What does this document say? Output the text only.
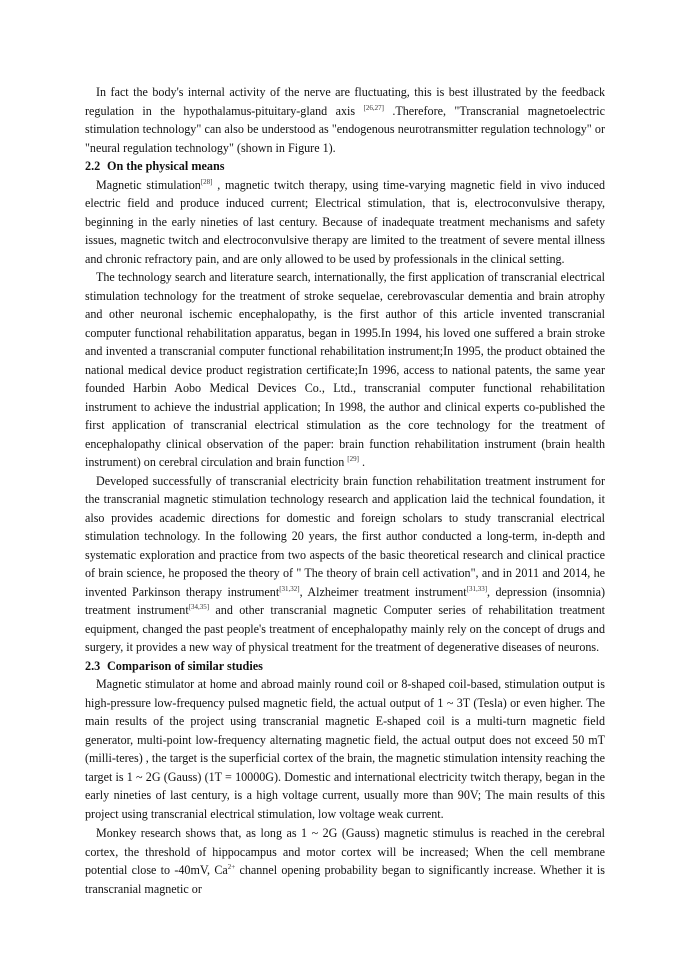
In fact the body's internal activity of the nerve are fluctuating, this is best illustrated by the feedback regulation in the hypothalamus-pituitary-gland axis [26,27] .Therefore, "Transcranial magnetoelectric stimulation technology" can also be understood as "endogenous neurotransmitter regulation technology" or "neural regulation technology" (shown in Figure 1).

2.2 On the physical means

Magnetic stimulation[28] , magnetic twitch therapy, using time-varying magnetic field in vivo induced electric field and produce induced current; Electrical stimulation, that is, electroconvulsive therapy, beginning in the early nineties of last century. Because of inadequate treatment mechanisms and safety issues, magnetic twitch and electroconvulsive therapy are limited to the treatment of severe mental illness and chronic refractory pain, and are only allowed to be used by professionals in the clinical setting.

The technology search and literature search, internationally, the first application of transcranial electrical stimulation technology for the treatment of stroke sequelae, cerebrovascular dementia and brain atrophy and other neuronal ischemic encephalopathy, is the first author of this article invented transcranial computer functional rehabilitation apparatus, began in 1995.In 1994, his loved one suffered a brain stroke and invented a transcranial computer functional rehabilitation instrument;In 1995, the product obtained the national medical device product registration certificate;In 1996, access to national patents, the same year founded Harbin Aobo Medical Devices Co., Ltd., transcranial computer functional rehabilitation instrument to achieve the industrial application; In 1998, the author and clinical experts co-published the first application of transcranial electrical stimulation as the core technology for the treatment of encephalopathy clinical observation of the paper: brain function rehabilitation instrument (brain health instrument) on cerebral circulation and brain function [29] .

Developed successfully of transcranial electricity brain function rehabilitation treatment instrument for the transcranial magnetic stimulation technology research and application laid the technical foundation, it also provides academic directions for domestic and foreign scholars to study transcranial electrical stimulation technology. In the following 20 years, the first author conducted a long-term, in-depth and systematic exploration and practice from two aspects of the basic theoretical research and clinical practice of brain science, he proposed the theory of " The theory of brain cell activation", and in 2011 and 2014, he invented Parkinson therapy instrument[31,32], Alzheimer treatment instrument[31,33], depression (insomnia) treatment instrument[34,35] and other transcranial magnetic Computer series of rehabilitation treatment equipment, changed the past people's treatment of encephalopathy mainly rely on the concept of drugs and surgery, it provides a new way of physical treatment for the treatment of degenerative diseases of neurons.

2.3 Comparison of similar studies

Magnetic stimulator at home and abroad mainly round coil or 8-shaped coil-based, stimulation output is high-pressure low-frequency pulsed magnetic field, the actual output of 1 ~ 3T (Tesla) or even higher. The main results of the project using transcranial magnetic E-shaped coil is a multi-turn magnetic field generator, multi-point low-frequency alternating magnetic field, the actual output does not exceed 50 mT (milli-teres) , the target is the superficial cortex of the brain, the magnetic stimulation intensity reaching the target is 1 ~ 2G (Gauss) (1T = 10000G). Domestic and international electricity twitch therapy, began in the early nineties of last century, is a high voltage current, usually more than 90V; The main results of this project using transcranial electrical stimulation, low voltage weak current.

Monkey research shows that, as long as 1 ~ 2G (Gauss) magnetic stimulus is reached in the cerebral cortex, the threshold of hippocampus and motor cortex will be increased; When the cell membrane potential close to -40mV, $Ca^{2+}$ channel opening probability began to significantly increase. Whether it is transcranial magnetic or
